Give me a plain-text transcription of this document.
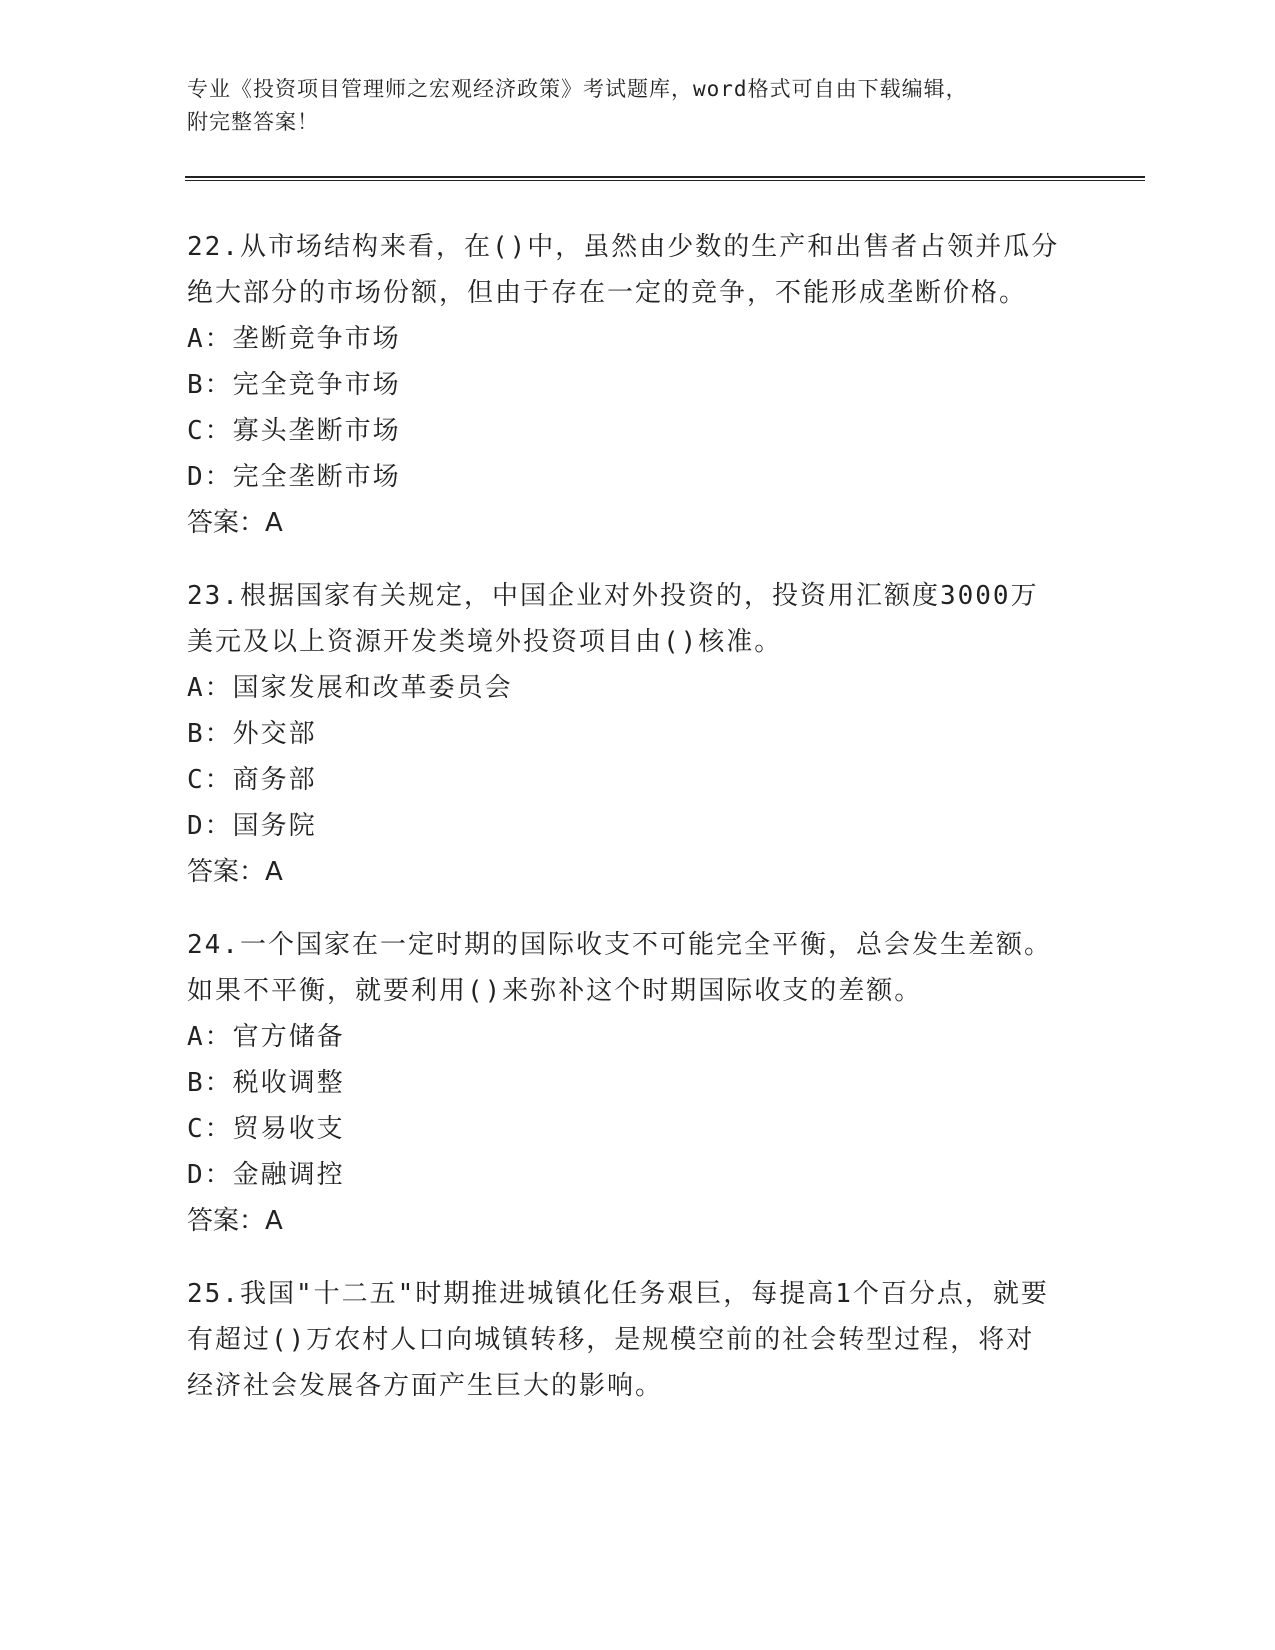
专业《投资项目管理师之宏观经济政策》考试题库，word格式可自由下载编辑，
附完整答案！

22.从市场结构来看，在()中，虽然由少数的生产和出售者占领并瓜分

绝大部分的市场份额，但由于存在一定的竞争，不能形成垄断价格。

A：垄断竞争市场

B：完全竞争市场

C：寡头垄断市场

D：完全垄断市场

答案：A

23.根据国家有关规定，中国企业对外投资的，投资用汇额度3000万

美元及以上资源开发类境外投资项目由()核准。

A：国家发展和改革委员会

B：外交部

C：商务部

D：国务院

答案：A

24.一个国家在一定时期的国际收支不可能完全平衡，总会发生差额。

如果不平衡，就要利用()来弥补这个时期国际收支的差额。

A：官方储备

B：税收调整

C：贸易收支

D：金融调控

答案：A

25.我国"十二五"时期推进城镇化任务艰巨，每提高1个百分点，就要

有超过()万农村人口向城镇转移，是规模空前的社会转型过程，将对

经济社会发展各方面产生巨大的影响。
